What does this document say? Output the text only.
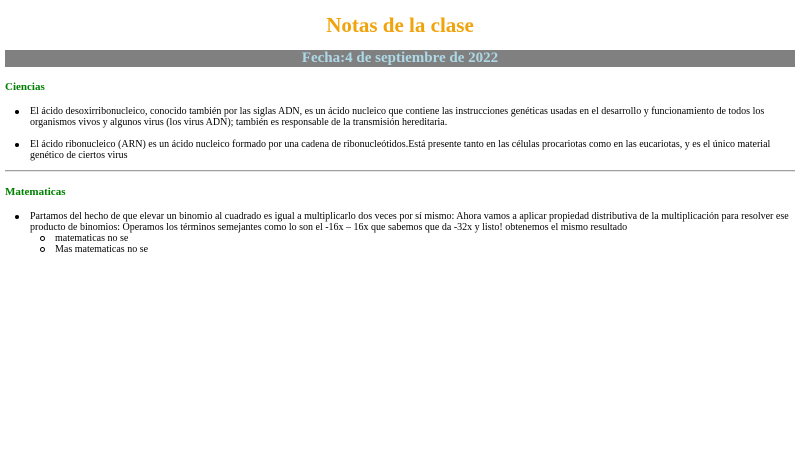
Notas de la clase
Fecha:4 de septiembre de 2022
Ciencias
El ácido desoxirribonucleico, conocido también por las siglas ADN, es un ácido nucleico que contiene las instrucciones genéticas usadas en el desarrollo y funcionamiento de todos los organismos vivos y algunos virus (los virus ADN); también es responsable de la transmisión hereditaria.
El ácido ribonucleico (ARN) es un ácido nucleico formado por una cadena de ribonucleótidos.Está presente tanto en las células procariotas como en las eucariotas, y es el único material genético de ciertos virus
Matematicas
Partamos del hecho de que elevar un binomio al cuadrado es igual a multiplicarlo dos veces por sí mismo: Ahora vamos a aplicar propiedad distributiva de la multiplicación para resolver ese producto de binomios: Operamos los términos semejantes como lo son el -16x – 16x que sabemos que da -32x y listo! obtenemos el mismo resultado
matematicas no se
Mas matematicas no se
